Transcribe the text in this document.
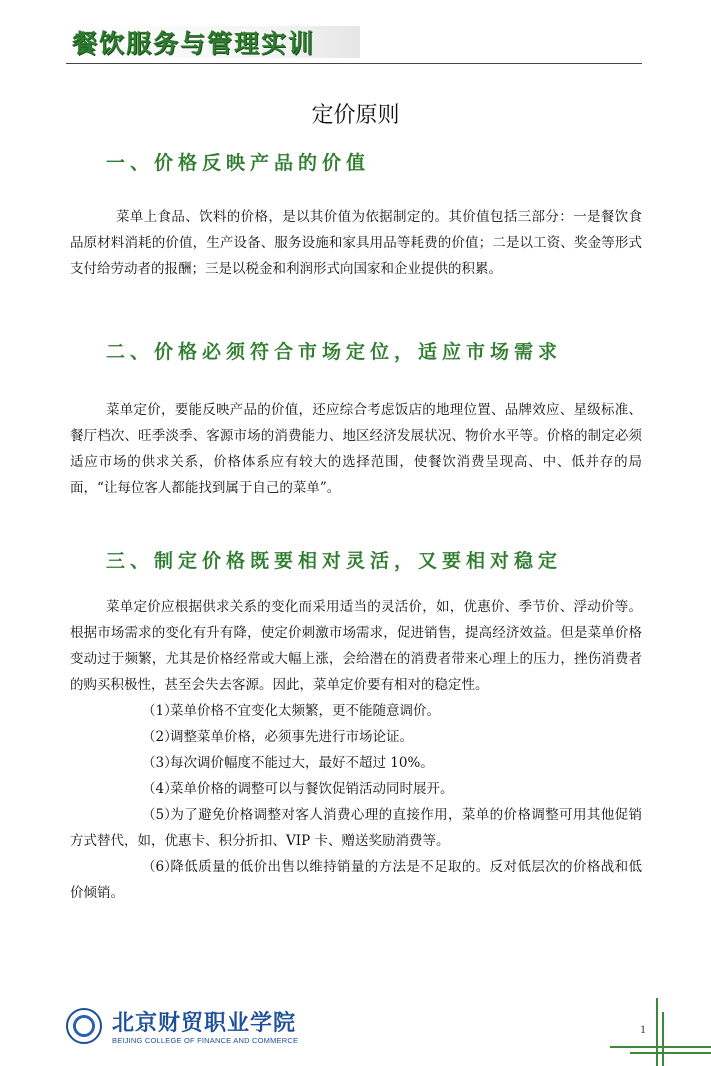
餐饮服务与管理实训
定价原则
一、价格反映产品的价值

菜单上食品、饮料的价格，是以其价值为依据制定的。其价值包括三部分：一是餐饮食品原材料消耗的价值，生产设备、服务设施和家具用品等耗费的价值；二是以工资、奖金等形式支付给劳动者的报酬；三是以税金和利润形式向国家和企业提供的积累。

二、价格必须符合市场定位，适应市场需求

菜单定价，要能反映产品的价值，还应综合考虑饭店的地理位置、品牌效应、星级标准、餐厅档次、旺季淡季、客源市场的消费能力、地区经济发展状况、物价水平等。价格的制定必须适应市场的供求关系，价格体系应有较大的选择范围，使餐饮消费呈现高、中、低并存的局面，“让每位客人都能找到属于自己的菜单”。

三、制定价格既要相对灵活，又要相对稳定

菜单定价应根据供求关系的变化而采用适当的灵活价，如，优惠价、季节价、浮动价等。根据市场需求的变化有升有降，使定价刺激市场需求，促进销售，提高经济效益。但是菜单价格变动过于频繁，尤其是价格经常或大幅上涨，会给潜在的消费者带来心理上的压力，挫伤消费者的购买积极性，甚至会失去客源。因此，菜单定价要有相对的稳定性。

（1）菜单价格不宜变化太频繁，更不能随意调价。

（2）调整菜单价格，必须事先进行市场论证。

（3）每次调价幅度不能过大，最好不超过 10%。

（4）菜单价格的调整可以与餐饮促销活动同时展开。

（5）为了避免价格调整对客人消费心理的直接作用，菜单的价格调整可用其他促销方式替代，如，优惠卡、积分折扣、VIP 卡、赠送奖励消费等。

（6）降低质量的低价出售以维持销量的方法是不足取的。反对低层次的价格战和低价倾销。

北京财贸职业学院
BEIJING COLLEGE OF FINANCE AND COMMERCE
1
